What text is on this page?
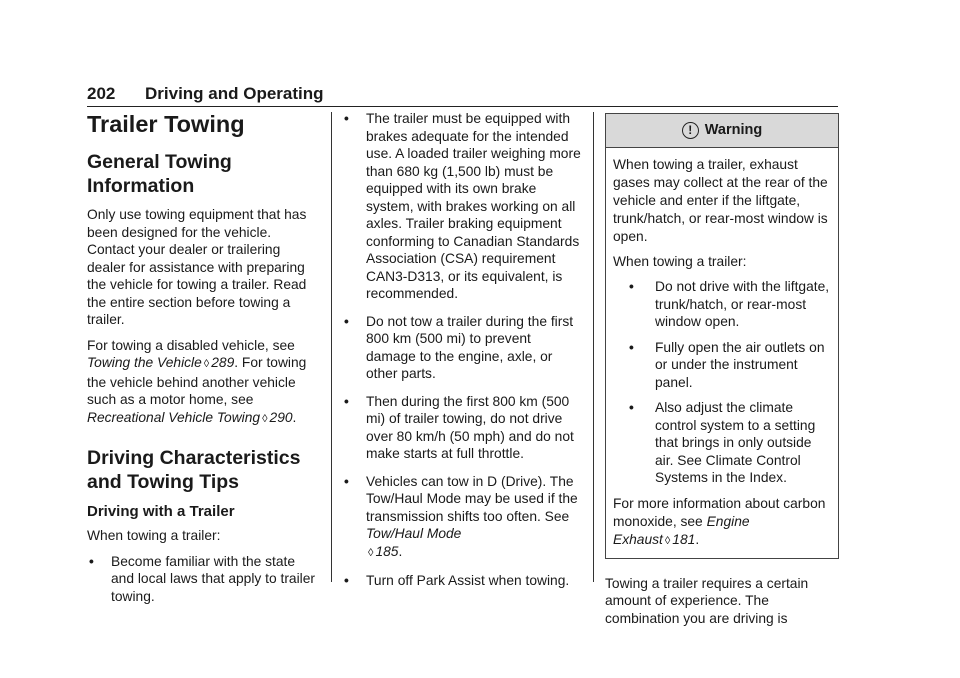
202 Driving and Operating
Trailer Towing
General Towing Information

Only use towing equipment that has been designed for the vehicle. Contact your dealer or trailering dealer for assistance with preparing the vehicle for towing a trailer. Read the entire section before towing a trailer.

For towing a disabled vehicle, see Towing the Vehicle ◊ 289. For towing the vehicle behind another vehicle such as a motor home, see Recreational Vehicle Towing ◊ 290.

Driving Characteristics and Towing Tips
Driving with a Trailer

When towing a trailer:

• Become familiar with the state and local laws that apply to trailer towing.
• The trailer must be equipped with brakes adequate for the intended use. A loaded trailer weighing more than 680 kg (1,500 lb) must be equipped with its own brake system, with brakes working on all axles. Trailer braking equipment conforming to Canadian Standards Association (CSA) requirement CAN3-D313, or its equivalent, is recommended.
• Do not tow a trailer during the first 800 km (500 mi) to prevent damage to the engine, axle, or other parts.
• Then during the first 800 km (500 mi) of trailer towing, do not drive over 80 km/h (50 mph) and do not make starts at full throttle.
• Vehicles can tow in D (Drive). The Tow/Haul Mode may be used if the transmission shifts too often. See Tow/Haul Mode
◊ 185.
• Turn off Park Assist when towing.
! Warning

When towing a trailer, exhaust gases may collect at the rear of the vehicle and enter if the liftgate, trunk/hatch, or rear-most window is open.

When towing a trailer:

• Do not drive with the liftgate, trunk/hatch, or rear-most window open.
• Fully open the air outlets on or under the instrument panel.
• Also adjust the climate control system to a setting that brings in only outside air. See Climate Control Systems in the Index.

For more information about carbon monoxide, see Engine Exhaust ◊ 181.

Towing a trailer requires a certain amount of experience. The combination you are driving is
